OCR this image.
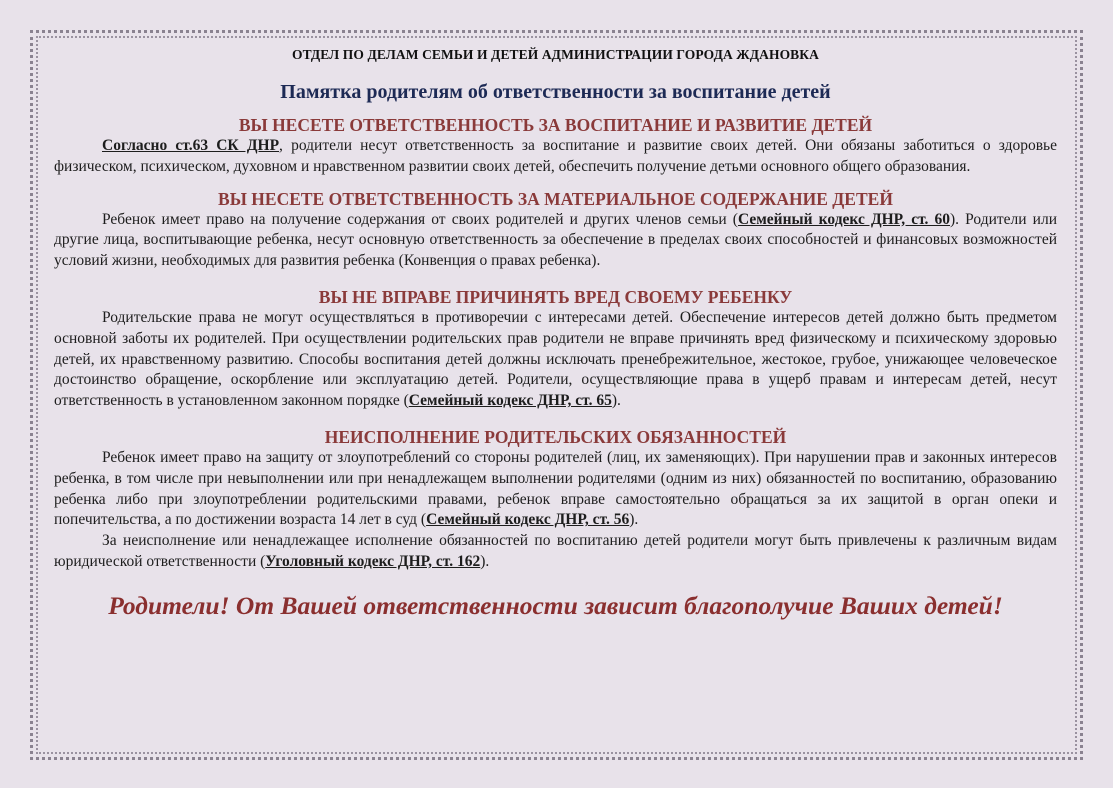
ОТДЕЛ ПО ДЕЛАМ СЕМЬИ И ДЕТЕЙ АДМИНИСТРАЦИИ ГОРОДА ЖДАНОВКА
Памятка родителям об ответственности за воспитание детей
ВЫ НЕСЕТЕ ОТВЕТСТВЕННОСТЬ ЗА ВОСПИТАНИЕ И РАЗВИТИЕ ДЕТЕЙ

Согласно ст.63 СК ДНР, родители несут ответственность за воспитание и развитие своих детей. Они обязаны заботиться о здоровье физическом, психическом, духовном и нравственном развитии своих детей, обеспечить получение детьми основного общего образования.

ВЫ НЕСЕТЕ ОТВЕТСТВЕННОСТЬ ЗА МАТЕРИАЛЬНОЕ СОДЕРЖАНИЕ ДЕТЕЙ

Ребенок имеет право на получение содержания от своих родителей и других членов семьи (Семейный кодекс ДНР, ст. 60). Родители или другие лица, воспитывающие ребенка, несут основную ответственность за обеспечение в пределах своих способностей и финансовых возможностей условий жизни, необходимых для развития ребенка (Конвенция о правах ребенка).

ВЫ НЕ ВПРАВЕ ПРИЧИНЯТЬ ВРЕД СВОЕМУ РЕБЕНКУ

Родительские права не могут осуществляться в противоречии с интересами детей. Обеспечение интересов детей должно быть предметом основной заботы их родителей. При осуществлении родительских прав родители не вправе причинять вред физическому и психическому здоровью детей, их нравственному развитию. Способы воспитания детей должны исключать пренебрежительное, жестокое, грубое, унижающее человеческое достоинство обращение, оскорбление или эксплуатацию детей. Родители, осуществляющие права в ущерб правам и интересам детей, несут ответственность в установленном законном порядке (Семейный кодекс ДНР, ст. 65).

НЕИСПОЛНЕНИЕ РОДИТЕЛЬСКИХ ОБЯЗАННОСТЕЙ

Ребенок имеет право на защиту от злоупотреблений со стороны родителей (лиц, их заменяющих). При нарушении прав и законных интересов ребенка, в том числе при невыполнении или при ненадлежащем выполнении родителями (одним из них) обязанностей по воспитанию, образованию ребенка либо при злоупотреблении родительскими правами, ребенок вправе самостоятельно обращаться за их защитой в орган опеки и попечительства, а по достижении возраста 14 лет в суд (Семейный кодекс ДНР, ст. 56).

За неисполнение или ненадлежащее исполнение обязанностей по воспитанию детей родители могут быть привлечены к различным видам юридической ответственности (Уголовный кодекс ДНР, ст. 162).

Родители! От Вашей ответственности зависит благополучие Ваших детей!
